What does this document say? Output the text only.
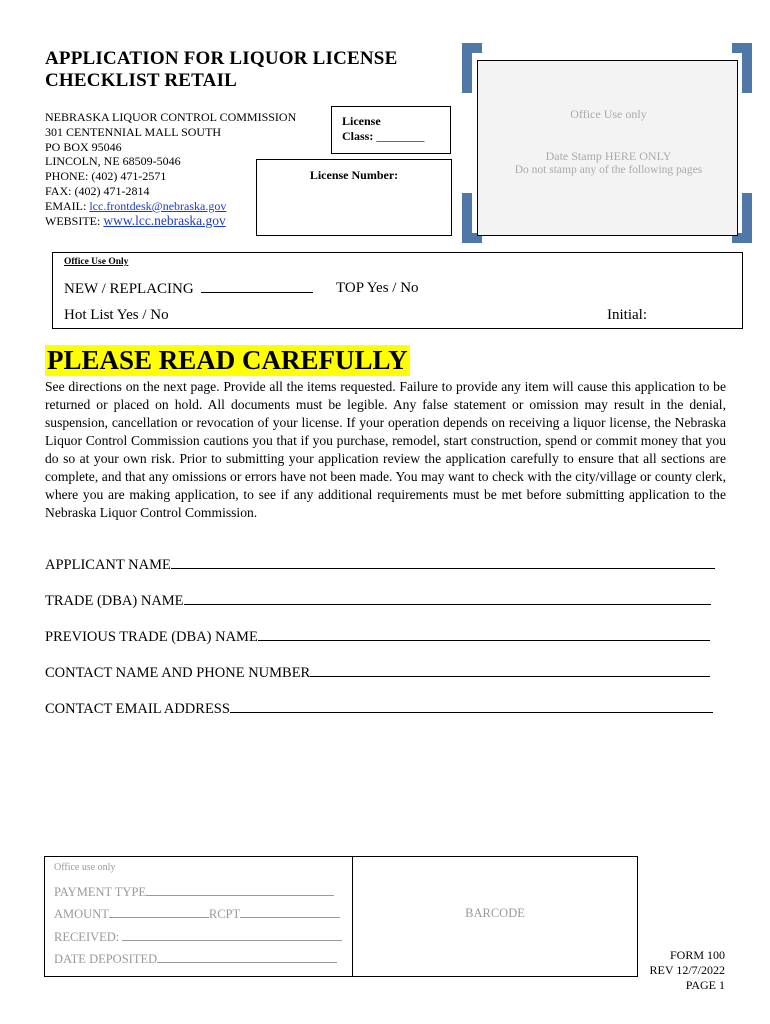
APPLICATION FOR LIQUOR LICENSE
CHECKLIST RETAIL
NEBRASKA LIQUOR CONTROL COMMISSION
301 CENTENNIAL MALL SOUTH
PO BOX 95046
LINCOLN, NE 68509-5046
PHONE: (402) 471-2571
FAX: (402) 471-2814
EMAIL: lcc.frontdesk@nebraska.gov
WEBSITE: www.lcc.nebraska.gov
License
Class: ________
License Number:
Office Use only
Date Stamp HERE ONLY
Do not stamp any of the following pages
Office Use Only
NEW / REPLACING	TOP Yes / No
Hot List Yes / No	Initial:
PLEASE READ CAREFULLY
See directions on the next page. Provide all the items requested. Failure to provide any item will cause this application to be returned or placed on hold. All documents must be legible. Any false statement or omission may result in the denial, suspension, cancellation or revocation of your license. If your operation depends on receiving a liquor license, the Nebraska Liquor Control Commission cautions you that if you purchase, remodel, start construction, spend or commit money that you do so at your own risk. Prior to submitting your application review the application carefully to ensure that all sections are complete, and that any omissions or errors have not been made. You may want to check with the city/village or county clerk, where you are making application, to see if any additional requirements must be met before submitting application to the Nebraska Liquor Control Commission.
APPLICANT NAME
TRADE (DBA) NAME
PREVIOUS TRADE (DBA) NAME
CONTACT NAME AND PHONE NUMBER
CONTACT EMAIL ADDRESS
Office use only
PAYMENT TYPE
AMOUNT	RCPT
RECEIVED:
DATE DEPOSITED
BARCODE
FORM 100
REV 12/7/2022
PAGE 1
